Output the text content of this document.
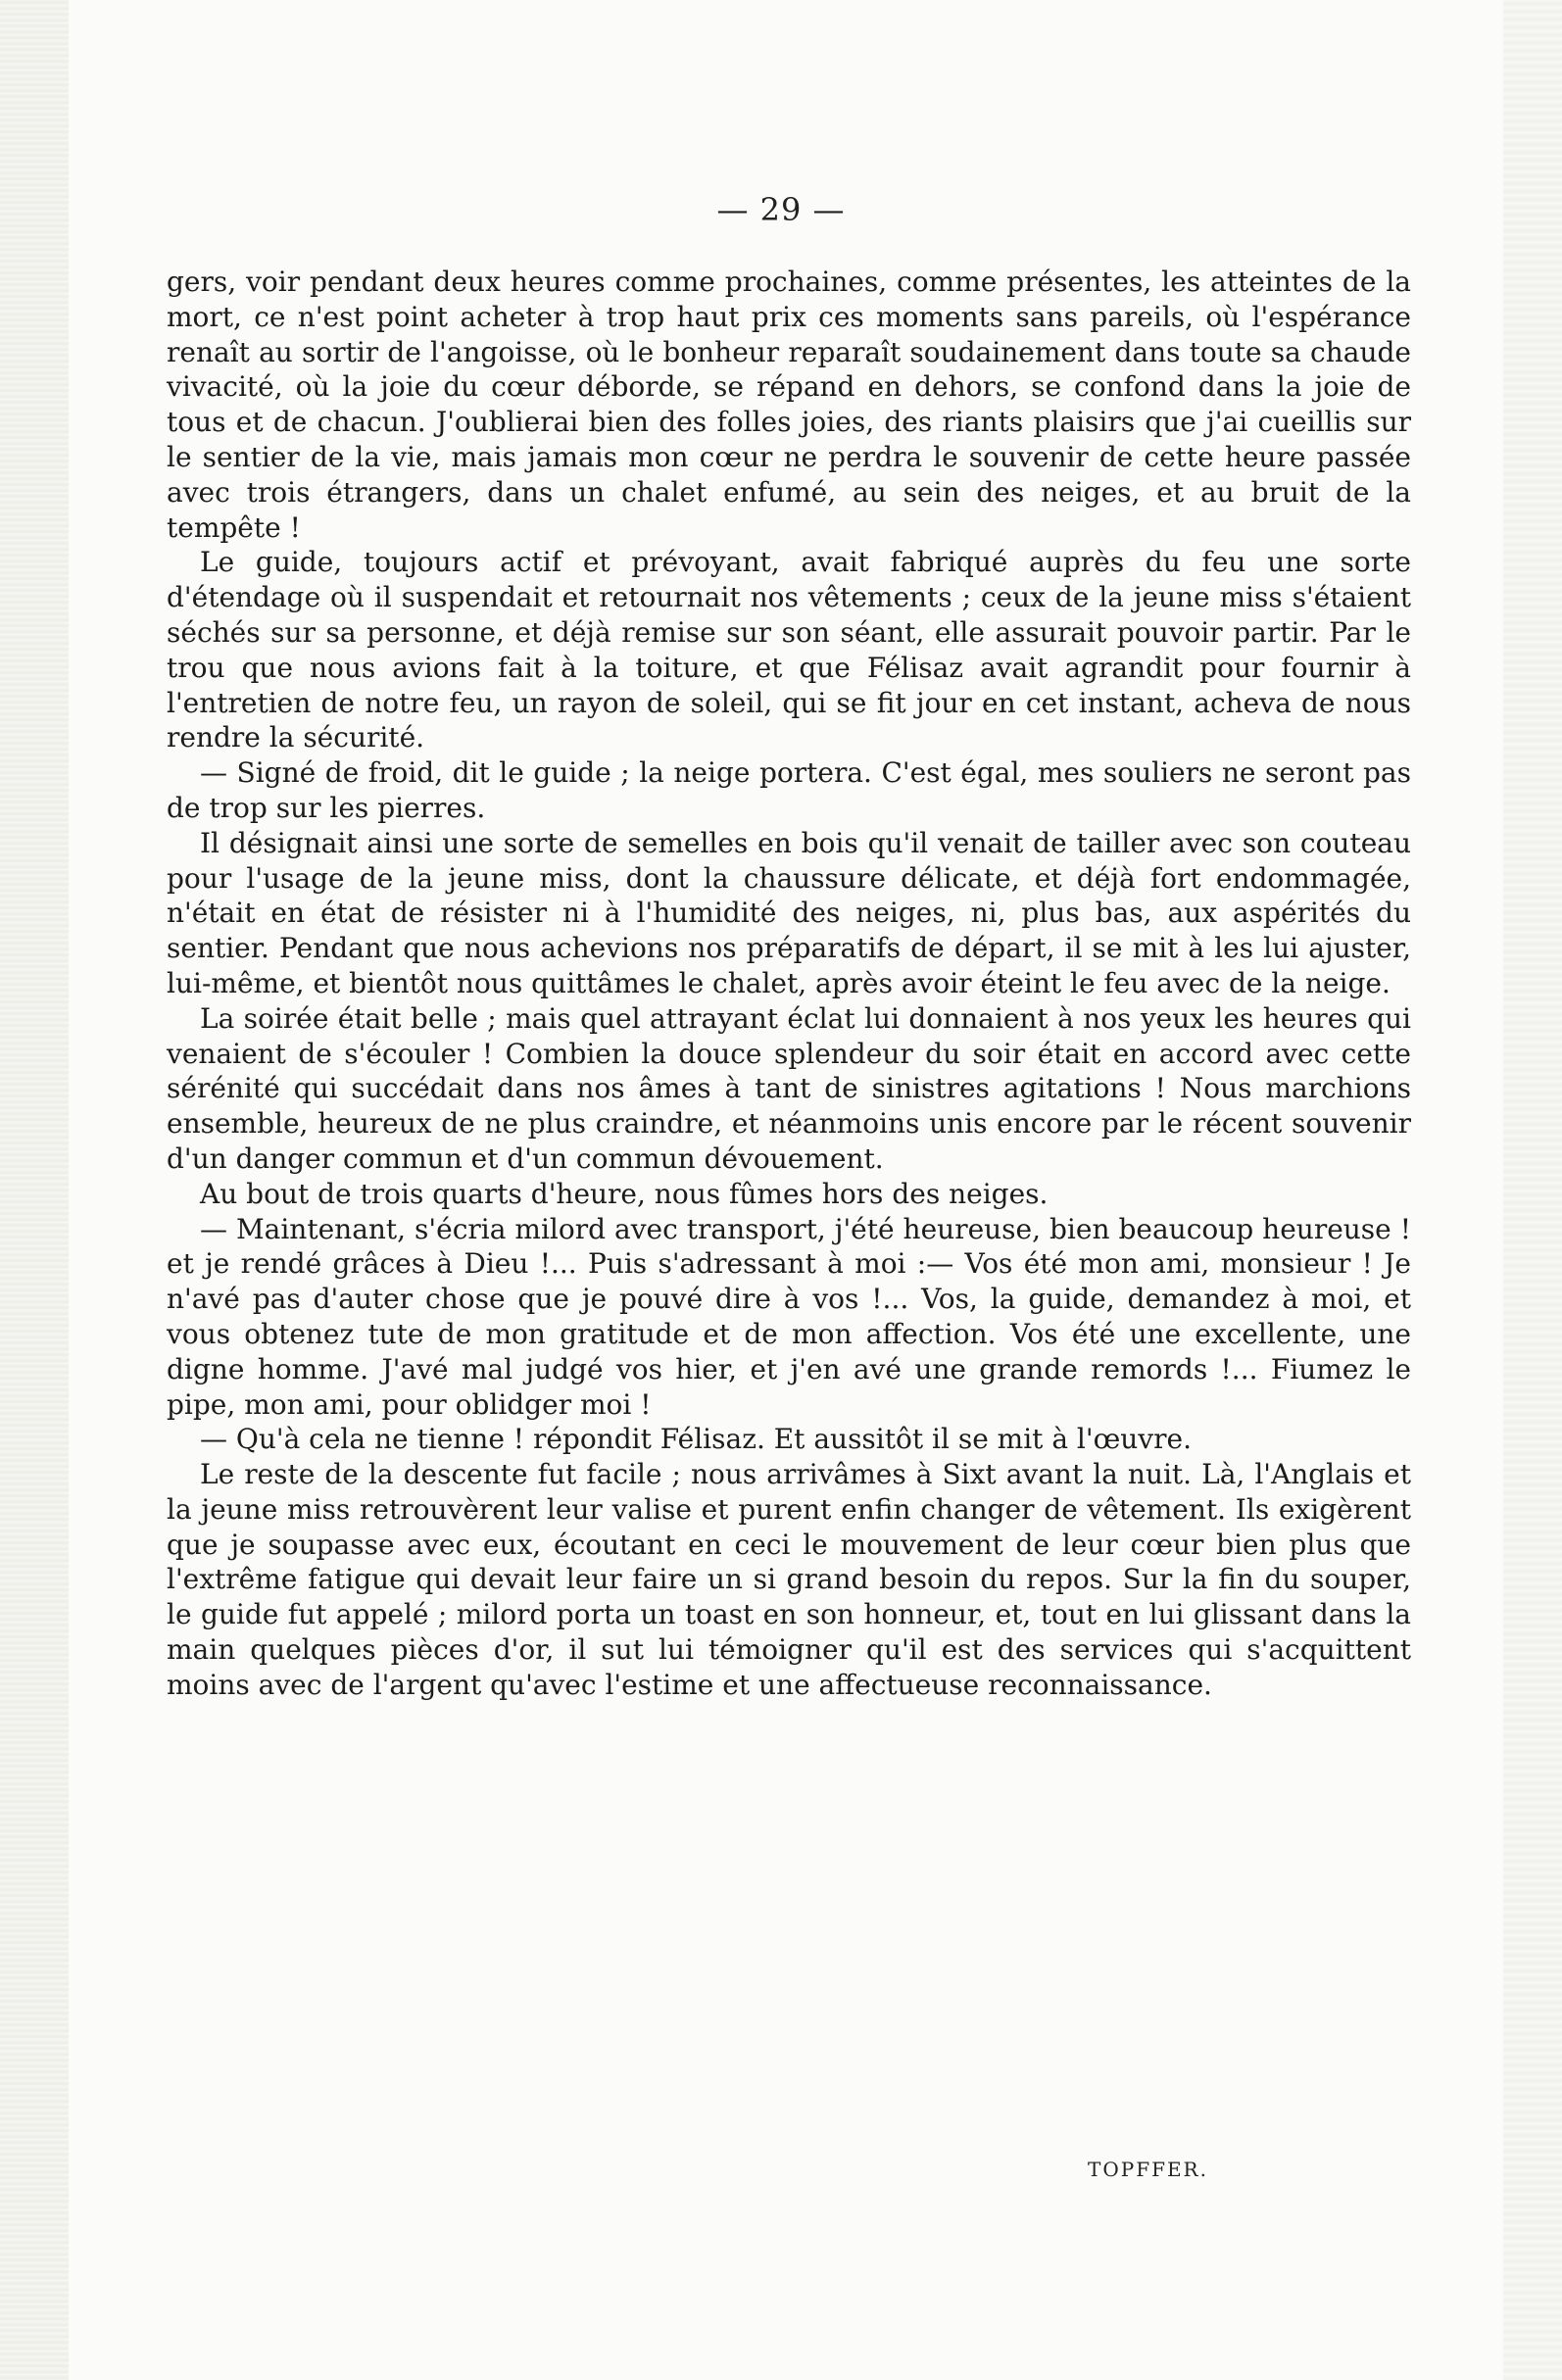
— 29 —

gers, voir pendant deux heures comme prochaines, comme présentes, les atteintes de la mort, ce n'est point acheter à trop haut prix ces moments sans pareils, où l'espérance renaît au sortir de l'angoisse, où le bonheur reparaît soudainement dans toute sa chaude vivacité, où la joie du cœur déborde, se répand en dehors, se confond dans la joie de tous et de chacun. J'oublierai bien des folles joies, des riants plaisirs que j'ai cueillis sur le sentier de la vie, mais jamais mon cœur ne perdra le souvenir de cette heure passée avec trois étrangers, dans un chalet enfumé, au sein des neiges, et au bruit de la tempête !

Le guide, toujours actif et prévoyant, avait fabriqué auprès du feu une sorte d'étendage où il suspendait et retournait nos vêtements ; ceux de la jeune miss s'étaient séchés sur sa personne, et déjà remise sur son séant, elle assurait pouvoir partir. Par le trou que nous avions fait à la toiture, et que Félisaz avait agrandit pour fournir à l'entretien de notre feu, un rayon de soleil, qui se fit jour en cet instant, acheva de nous rendre la sécurité.

— Signé de froid, dit le guide ; la neige portera. C'est égal, mes souliers ne seront pas de trop sur les pierres.

Il désignait ainsi une sorte de semelles en bois qu'il venait de tailler avec son couteau pour l'usage de la jeune miss, dont la chaussure délicate, et déjà fort endommagée, n'était en état de résister ni à l'humidité des neiges, ni, plus bas, aux aspérités du sentier. Pendant que nous achevions nos préparatifs de départ, il se mit à les lui ajuster, lui-même, et bientôt nous quittâmes le chalet, après avoir éteint le feu avec de la neige.

La soirée était belle ; mais quel attrayant éclat lui donnaient à nos yeux les heures qui venaient de s'écouler ! Combien la douce splendeur du soir était en accord avec cette sérénité qui succédait dans nos âmes à tant de sinistres agitations ! Nous marchions ensemble, heureux de ne plus craindre, et néanmoins unis encore par le récent souvenir d'un danger commun et d'un commun dévouement.

Au bout de trois quarts d'heure, nous fûmes hors des neiges.

— Maintenant, s'écria milord avec transport, j'été heureuse, bien beaucoup heureuse ! et je rendé grâces à Dieu !... Puis s'adressant à moi :— Vos été mon ami, monsieur ! Je n'avé pas d'auter chose que je pouvé dire à vos !... Vos, la guide, demandez à moi, et vous obtenez tute de mon gratitude et de mon affection. Vos été une excellente, une digne homme. J'avé mal judgé vos hier, et j'en avé une grande remords !... Fiumez le pipe, mon ami, pour oblidger moi !

— Qu'à cela ne tienne ! répondit Félisaz. Et aussitôt il se mit à l'œuvre.

Le reste de la descente fut facile ; nous arrivâmes à Sixt avant la nuit. Là, l'Anglais et la jeune miss retrouvèrent leur valise et purent enfin changer de vêtement. Ils exigèrent que je soupasse avec eux, écoutant en ceci le mouvement de leur cœur bien plus que l'extrême fatigue qui devait leur faire un si grand besoin du repos. Sur la fin du souper, le guide fut appelé ; milord porta un toast en son honneur, et, tout en lui glissant dans la main quelques pièces d'or, il sut lui témoigner qu'il est des services qui s'acquittent moins avec de l'argent qu'avec l'estime et une affectueuse reconnaissance.

TOPFFER.
